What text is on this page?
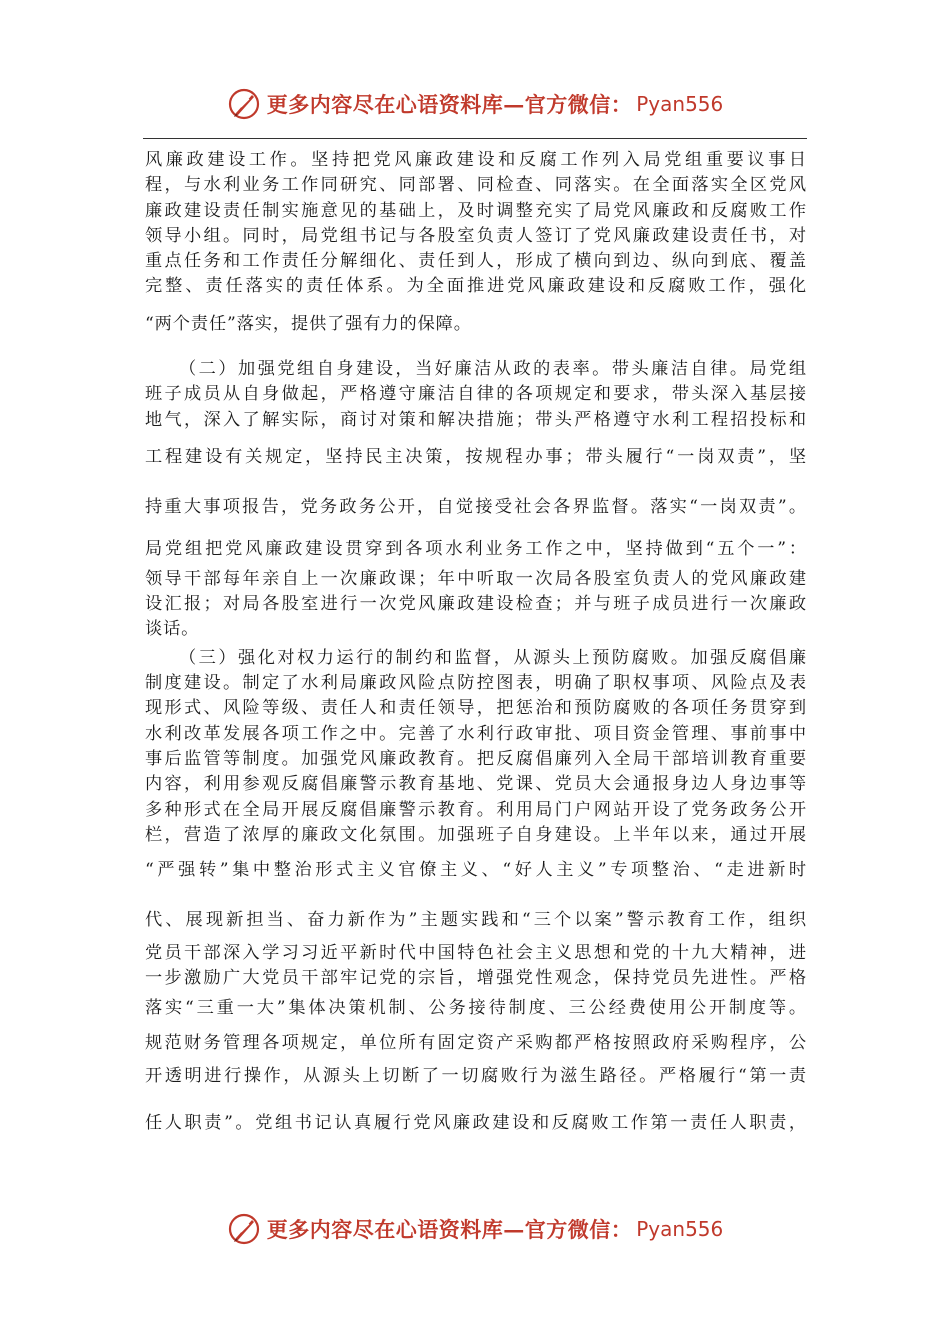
更多内容尽在心语资料库—官方微信： Pyan556

风廉政建设工作。坚持把党风廉政建设和反腐工作列入局党组重要议事日

程，与水利业务工作同研究、同部署、同检查、同落实。在全面落实全区党风

廉政建设责任制实施意见的基础上，及时调整充实了局党风廉政和反腐败工作

领导小组。同时，局党组书记与各股室负责人签订了党风廉政建设责任书，对

重点任务和工作责任分解细化、责任到人，形成了横向到边、纵向到底、覆盖

完整、责任落实的责任体系。为全面推进党风廉政建设和反腐败工作，强化

“两个责任”落实，提供了强有力的保障。

（二）加强党组自身建设，当好廉洁从政的表率。带头廉洁自律。局党组

班子成员从自身做起，严格遵守廉洁自律的各项规定和要求，带头深入基层接

地气，深入了解实际，商讨对策和解决措施；带头严格遵守水利工程招投标和

工程建设有关规定，坚持民主决策，按规程办事；带头履行“一岗双责”，坚

持重大事项报告，党务政务公开，自觉接受社会各界监督。落实“一岗双责”。

局党组把党风廉政建设贯穿到各项水利业务工作之中，坚持做到“五个一”：

领导干部每年亲自上一次廉政课；年中听取一次局各股室负责人的党风廉政建

设汇报；对局各股室进行一次党风廉政建设检查；并与班子成员进行一次廉政

谈话。

（三）强化对权力运行的制约和监督，从源头上预防腐败。加强反腐倡廉

制度建设。制定了水利局廉政风险点防控图表，明确了职权事项、风险点及表

现形式、风险等级、责任人和责任领导，把惩治和预防腐败的各项任务贯穿到

水利改革发展各项工作之中。完善了水利行政审批、项目资金管理、事前事中

事后监管等制度。加强党风廉政教育。把反腐倡廉列入全局干部培训教育重要

内容，利用参观反腐倡廉警示教育基地、党课、党员大会通报身边人身边事等

多种形式在全局开展反腐倡廉警示教育。利用局门户网站开设了党务政务公开

栏，营造了浓厚的廉政文化氛围。加强班子自身建设。上半年以来，通过开展

“严强转”集中整治形式主义官僚主义、“好人主义”专项整治、“走进新时

代、展现新担当、奋力新作为”主题实践和“三个以案”警示教育工作，组织

党员干部深入学习习近平新时代中国特色社会主义思想和党的十九大精神，进

一步激励广大党员干部牢记党的宗旨，增强党性观念，保持党员先进性。严格

落实“三重一大”集体决策机制、公务接待制度、三公经费使用公开制度等。

规范财务管理各项规定，单位所有固定资产采购都严格按照政府采购程序，公

开透明进行操作，从源头上切断了一切腐败行为滋生路径。严格履行“第一责

任人职责”。党组书记认真履行党风廉政建设和反腐败工作第一责任人职责，

更多内容尽在心语资料库—官方微信： Pyan556
